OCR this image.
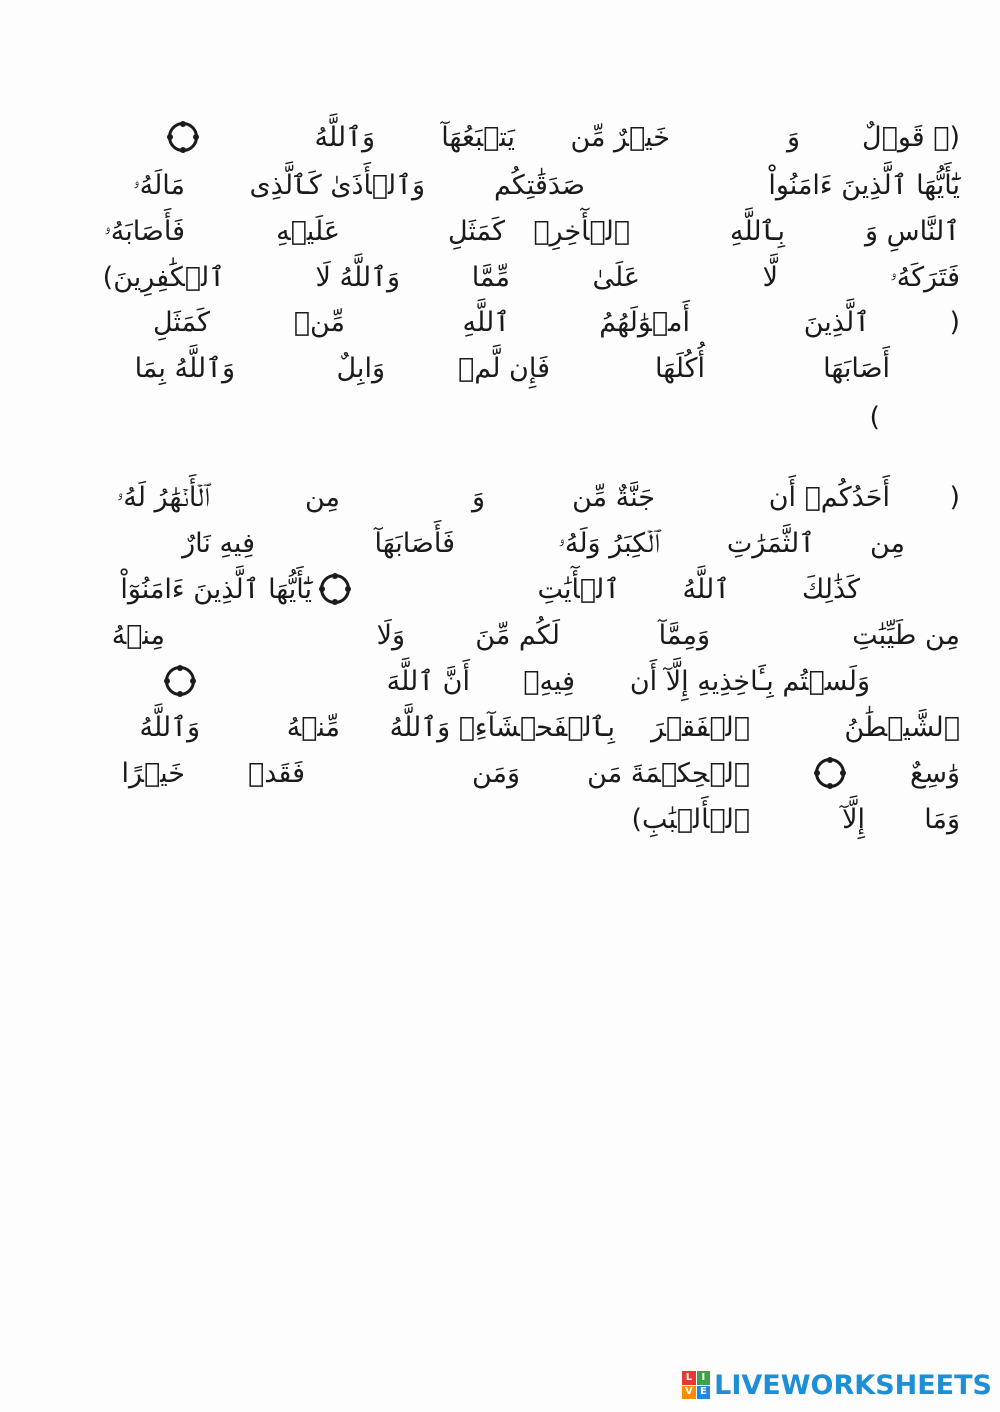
(۞ قَوۡلٌ
وَ
خَيۡرٌ مِّن
يَتۡبَعُهَآ
وَٱللَّهُ
يَٰٓأَيُّهَا ٱلَّذِينَ ءَامَنُواْ
صَدَقَٰتِكُم
وَٱلۡأَذَىٰ كَٱلَّذِى
مَالَهُۥ
ٱلنَّاسِ وَ
بِٱللَّهِ
ٱلۡأٓخِرِۖ
كَمَثَلِ
عَلَيۡهِ
فَأَصَابَهُۥ
فَتَرَكَهُۥ
لَّا
عَلَىٰ
مِّمَّا
وَٱللَّهُ لَا
ٱلۡكَٰفِرِينَ)
(
ٱلَّذِينَ
أَمۡوَٰلَهُمُ
ٱللَّهِ
مِّنۡ
كَمَثَلِ
أَصَابَهَا
أُكُلَهَا
فَإِن لَّمۡ
وَابِلٌ
وَٱللَّهُ بِمَا
)
(
أَحَدُكُمۡ أَن
جَنَّةٌ مِّن
وَ
مِن
ٱلۡأَنۡهَٰرُ لَهُۥ
مِن
ٱلثَّمَرَٰتِ
ٱلۡكِبَرُ وَلَهُۥ
فَأَصَابَهَآ
فِيهِ نَارٌ
كَذَٰلِكَ
ٱللَّهُ
ٱلۡأٓيَٰتِ
يَٰٓأَيُّهَا ٱلَّذِينَ ءَامَنُوٓاْ
مِن طَيِّبَٰتِ
وَمِمَّآ
لَكُم مِّنَ
وَلَا
مِنۡهُ
وَلَسۡتُم بِـَٔاخِذِيهِ إِلَّآ أَن
فِيهِۚ
أَنَّ ٱللَّهَ
ٱلشَّيۡطَٰنُ
ٱلۡفَقۡرَ
بِٱلۡفَحۡشَآءِۖ وَٱللَّهُ
مِّنۡهُ
وَٱللَّهُ
وَٰسِعٌ
ٱلۡحِكۡمَةَ مَن
وَمَن
فَقَدۡ
خَيۡرًا
وَمَا
إِلَّآ
ٱلۡأَلۡبَٰبِ)
L I
V E LIVEWORKSHEETS
